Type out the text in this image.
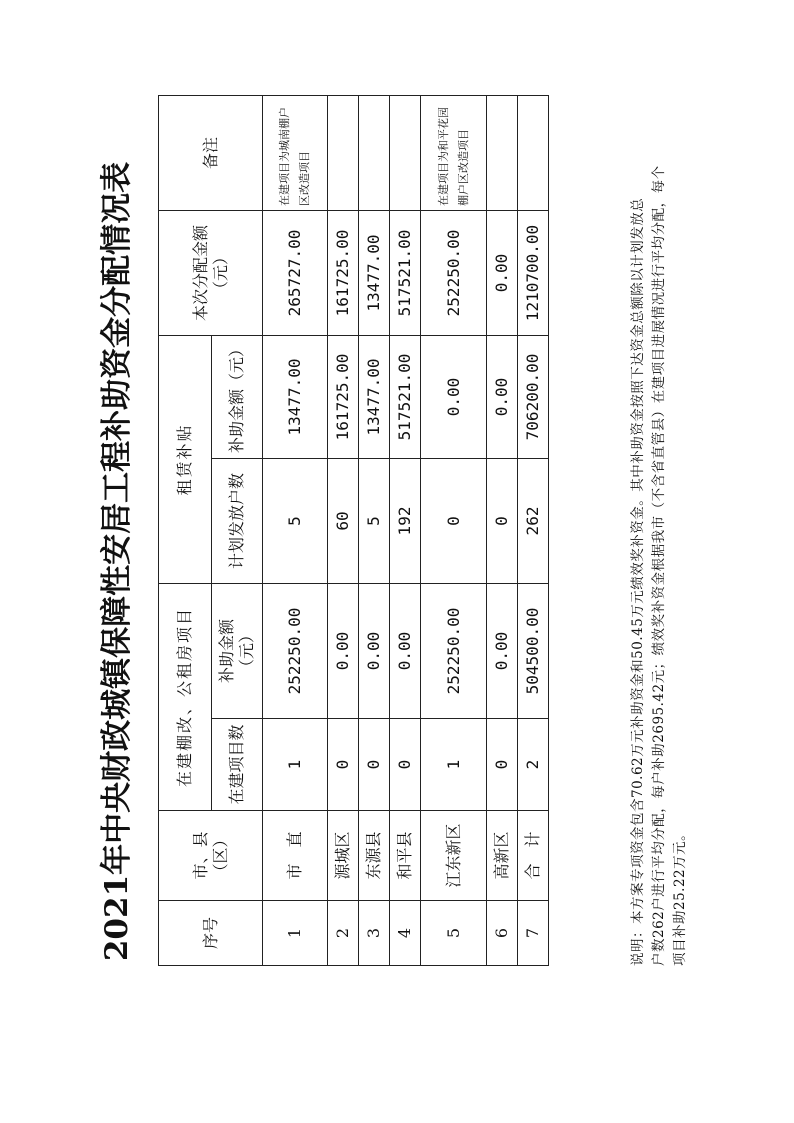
2021年中央财政城镇保障性安居工程补助资金分配情况表	序号	市、县
（区）	在建棚改、公租房项目		租赁补贴		本次分配金额
（元）	备注
		在建项目数	补助金额
（元）	计划发放户数	补助金额（元）		
1	市　直	1	252250.00	5	13477.00	265727.00	在建项目为城南棚户区改造项目
2	源城区	0	0.00	60	161725.00	161725.00	
3	东源县	0	0.00	5	13477.00	13477.00	
4	和平县	0	0.00	192	517521.00	517521.00	
5	江东新区	1	252250.00	0	0.00	252250.00	在建项目为和平花园棚户区改造项目
6	高新区	0	0.00	0	0.00	0.00	
7	合　计	2	504500.00	262	706200.00	1210700.00		说明：本方案专项资金包含70.62万元补助资金和50.45万元绩效奖补资金。其中补助资金按照下达资金总额除以计划发放总 户数262户进行平均分配，每户补助2695.42元；绩效奖补资金根据我市（不含省直管县）在建项目进展情况进行平均分配，每个 项目补助25.22万元。
